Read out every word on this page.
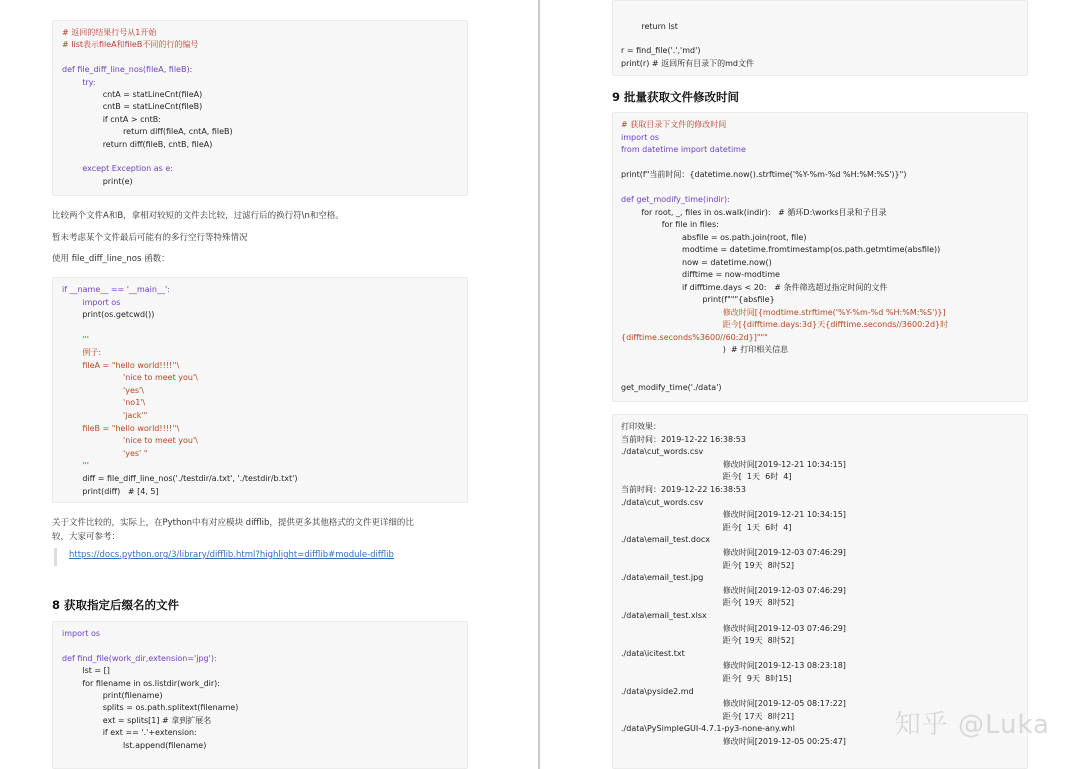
# 返回的结果行号从1开始
# list表示fileA和fileB不同的行的编号
def file_diff_line_nos(fileA, fileB):
try:
cntA = statLineCnt(fileA)
cntB = statLineCnt(fileB)
if cntA > cntB:
return diff(fileA, cntA, fileB)
return diff(fileB, cntB, fileA)
except Exception as e:
print(e)
比较两个文件A和B，拿相对较短的文件去比较，过滤行后的换行符\n和空格。
暂未考虑某个文件最后可能有的多行空行等特殊情况
使用 file_diff_line_nos 函数：
if __name__ == '__main__':
import os
print(os.getcwd())
'''
例子:
fileA = "hello world!!!!''\
'nice to meet you'\
'yes'\
'no1'\
'jack'"
fileB = "hello world!!!!''\
'nice to meet you'\
'yes' "
'''
diff = file_diff_line_nos('./testdir/a.txt', './testdir/b.txt')
print(diff)   # [4, 5]
关于文件比较的，实际上，在Python中有对应模块 difflib，提供更多其他格式的文件更详细的比
较，大家可参考：
https://docs.python.org/3/library/difflib.html?highlight=difflib#module-difflib
8 获取指定后缀名的文件
import os
def find_file(work_dir,extension='jpg'):
lst = []
for filename in os.listdir(work_dir):
print(filename)
splits = os.path.splitext(filename)
ext = splits[1] # 拿到扩展名
if ext == '.'+extension:
lst.append(filename)
return lst
r = find_file('.','md')
print(r) # 返回所有目录下的md文件
9 批量获取文件修改时间
# 获取目录下文件的修改时间
import os
from datetime import datetime
print(f"当前时间：{datetime.now().strftime('%Y-%m-%d %H:%M:%S')}")
def get_modify_time(indir):
for root, _, files in os.walk(indir):   # 循环D:\works目录和子目录
for file in files:
absfile = os.path.join(root, file)
modtime = datetime.fromtimestamp(os.path.getmtime(absfile))
now = datetime.now()
difftime = now-modtime
if difftime.days < 20:   # 条件筛选超过指定时间的文件
print(f"""{absfile}
修改时间[{modtime.strftime('%Y-%m-%d %H:%M:%S')}]
距今[{difftime.days:3d}天{difftime.seconds//3600:2d}时
{difftime.seconds%3600//60:2d}]"""
)  # 打印相关信息
get_modify_time('./data')
打印效果：
当前时间：2019-12-22 16:38:53
./data\cut_words.csv
修改时间[2019-12-21 10:34:15]
距今[  1天  6时  4]
当前时间：2019-12-22 16:38:53
./data\cut_words.csv
修改时间[2019-12-21 10:34:15]
距今[  1天  6时  4]
./data\email_test.docx
修改时间[2019-12-03 07:46:29]
距今[ 19天  8时52]
./data\email_test.jpg
修改时间[2019-12-03 07:46:29]
距今[ 19天  8时52]
./data\email_test.xlsx
修改时间[2019-12-03 07:46:29]
距今[ 19天  8时52]
./data\icitest.txt
修改时间[2019-12-13 08:23:18]
距今[  9天  8时15]
./data\pyside2.md
修改时间[2019-12-05 08:17:22]
距今[ 17天  8时21]
./data\PySimpleGUI-4.7.1-py3-none-any.whl
修改时间[2019-12-05 00:25:47]
知乎 @Luka
